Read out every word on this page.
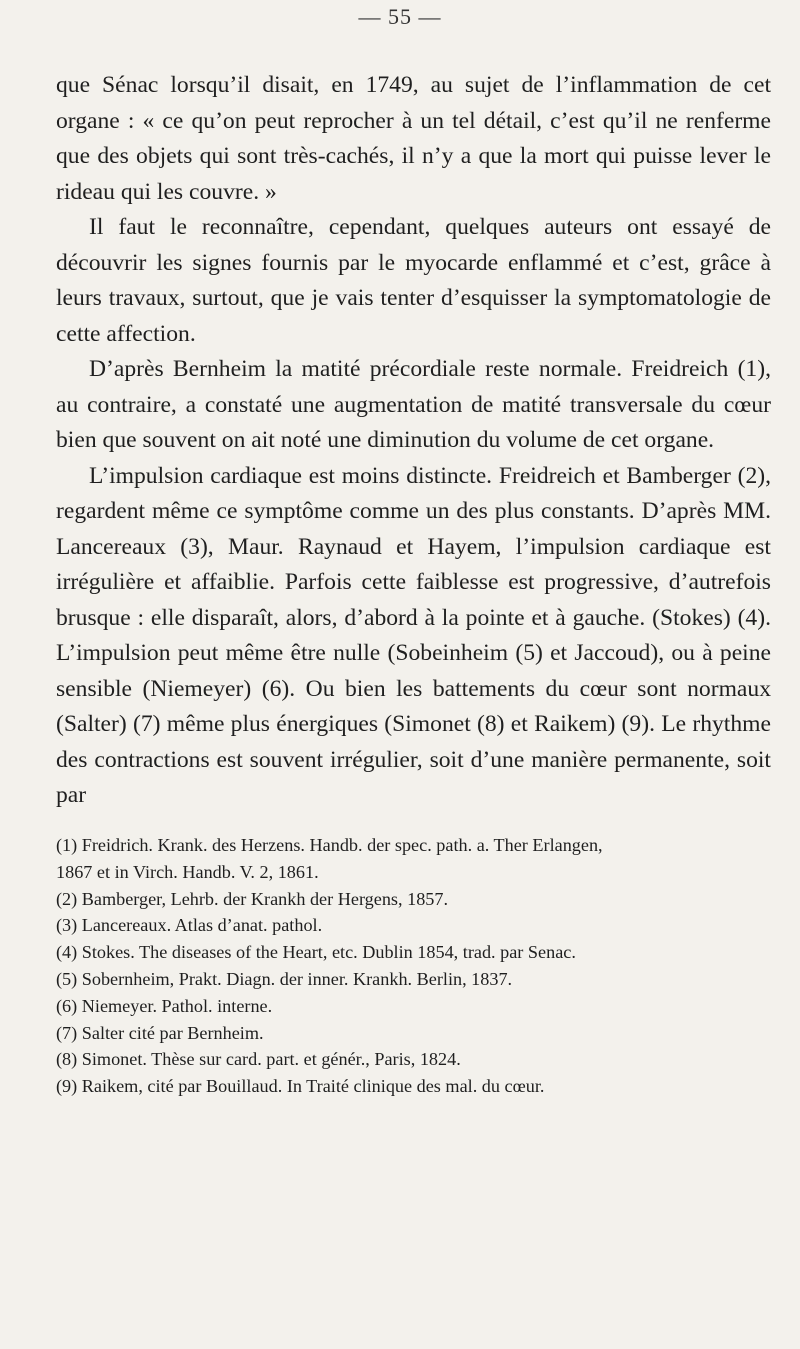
— 55 —

que Sénac lorsqu’il disait, en 1749, au sujet de l’inflammation de cet organe : « ce qu’on peut reprocher à un tel détail, c’est qu’il ne renferme que des objets qui sont très-cachés, il n’y a que la mort qui puisse lever le rideau qui les couvre. »

Il faut le reconnaître, cependant, quelques auteurs ont essayé de découvrir les signes fournis par le myocarde enflammé et c’est, grâce à leurs travaux, surtout, que je vais tenter d’esquisser la symptomatologie de cette affection.

D’après Bernheim la matité précordiale reste normale. Freidreich (1), au contraire, a constaté une augmentation de matité transversale du cœur bien que souvent on ait noté une diminution du volume de cet organe.

L’impulsion cardiaque est moins distincte. Freidreich et Bamberger (2), regardent même ce symptôme comme un des plus constants. D’après MM. Lancereaux (3), Maur. Raynaud et Hayem, l’impulsion cardiaque est irrégulière et affaiblie. Parfois cette faiblesse est progressive, d’autrefois brusque : elle disparaît, alors, d’abord à la pointe et à gauche. (Stokes) (4). L’impulsion peut même être nulle (Sobeinheim (5) et Jaccoud), ou à peine sensible (Niemeyer) (6). Ou bien les battements du cœur sont normaux (Salter) (7) même plus énergiques (Simonet (8) et Raikem) (9). Le rhythme des contractions est souvent irrégulier, soit d’une manière permanente, soit par

(1) Freidrich. Krank. des Herzens. Handb. der spec. path. a. Ther Erlangen,
1867 et in Virch. Handb. V. 2, 1861.
(2) Bamberger, Lehrb. der Krankh der Hergens, 1857.
(3) Lancereaux. Atlas d’anat. pathol.
(4) Stokes. The diseases of the Heart, etc. Dublin 1854, trad. par Senac.
(5) Sobernheim, Prakt. Diagn. der inner. Krankh. Berlin, 1837.
(6) Niemeyer. Pathol. interne.
(7) Salter cité par Bernheim.
(8) Simonet. Thèse sur card. part. et génér., Paris, 1824.
(9) Raikem, cité par Bouillaud. In Traité clinique des mal. du cœur.
